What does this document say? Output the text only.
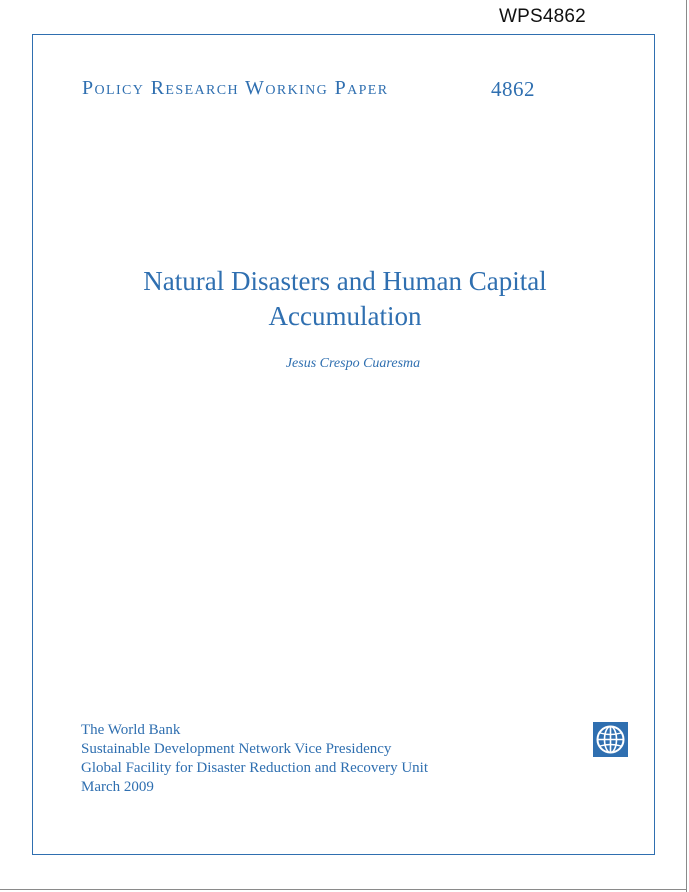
WPS4862
Policy Research Working Paper	4862
Natural Disasters and Human Capital
Accumulation
Jesus Crespo Cuaresma
The World Bank
Sustainable Development Network Vice Presidency
Global Facility for Disaster Reduction and Recovery Unit
March 2009
